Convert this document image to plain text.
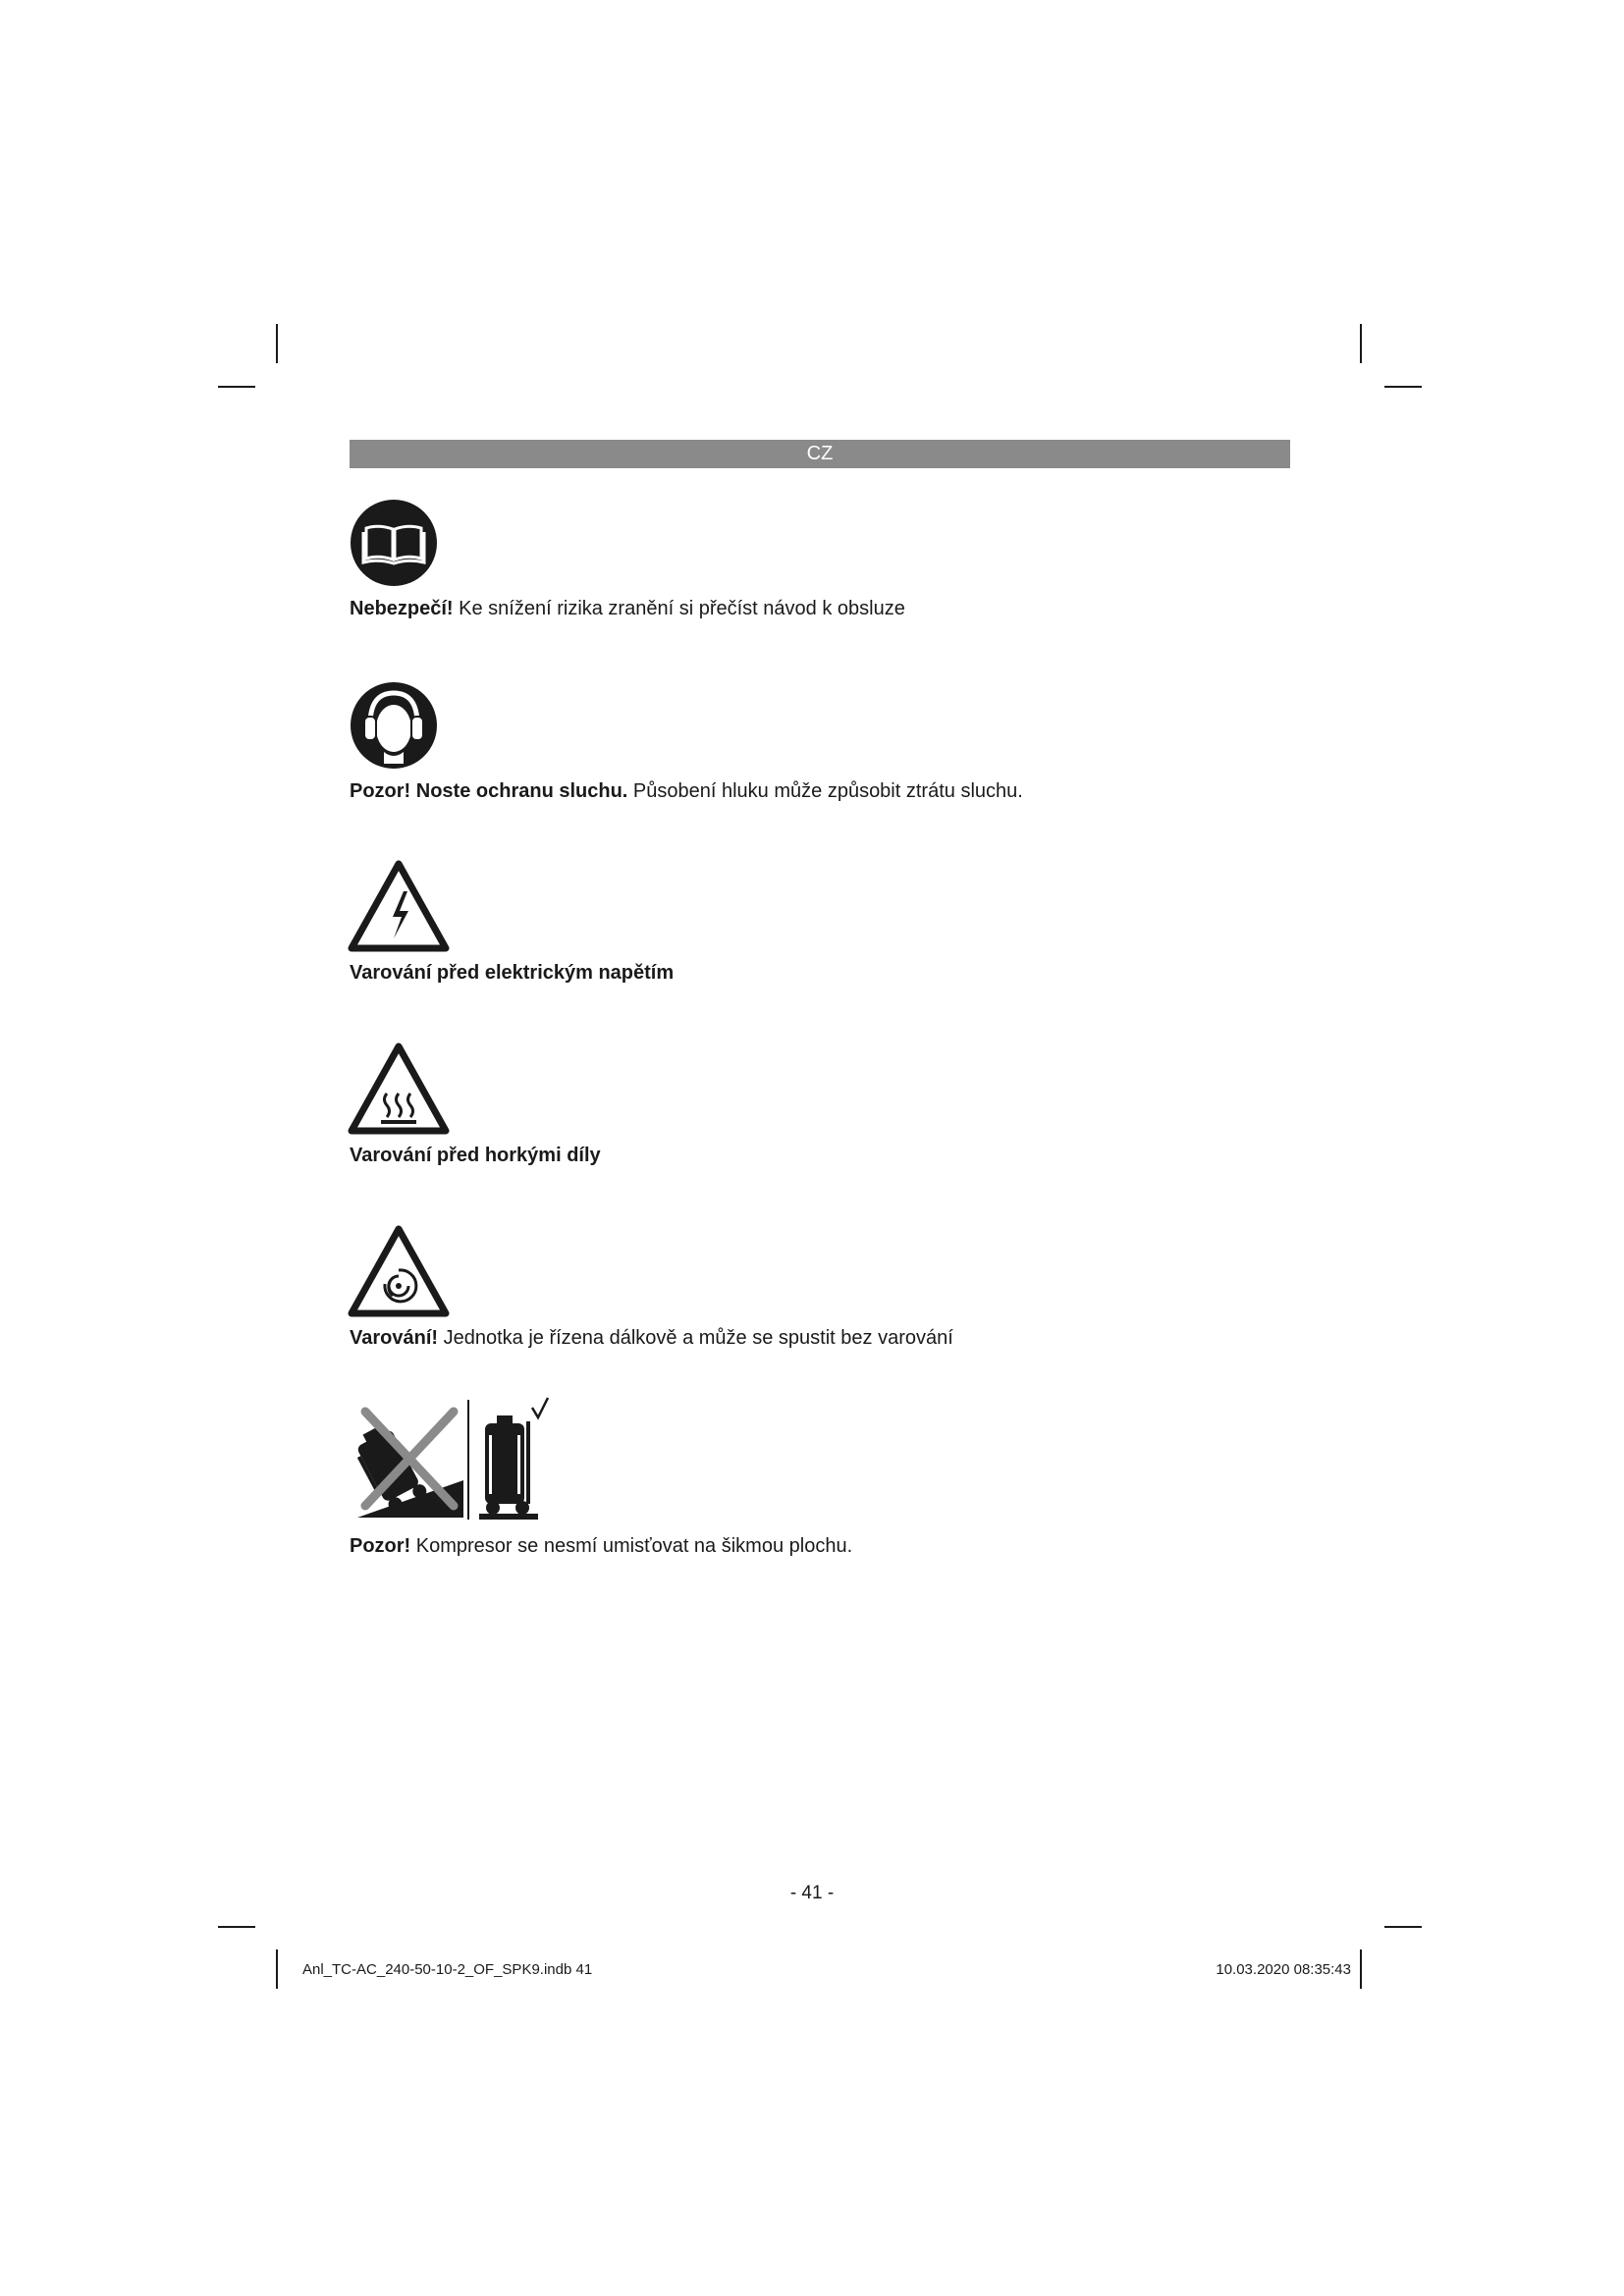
CZ
Nebezpečí! Ke snížení rizika zranění si přečíst návod k obsluze
Pozor! Noste ochranu sluchu. Působení hluku může způsobit ztrátu sluchu.
Varování před elektrickým napětím
Varování před horkými díly
Varování! Jednotka je řízena dálkově a může se spustit bez varování
Pozor! Kompresor se nesmí umisťovat na šikmou plochu.
- 41 -
Anl_TC-AC_240-50-10-2_OF_SPK9.indb 41	10.03.2020 08:35:43
